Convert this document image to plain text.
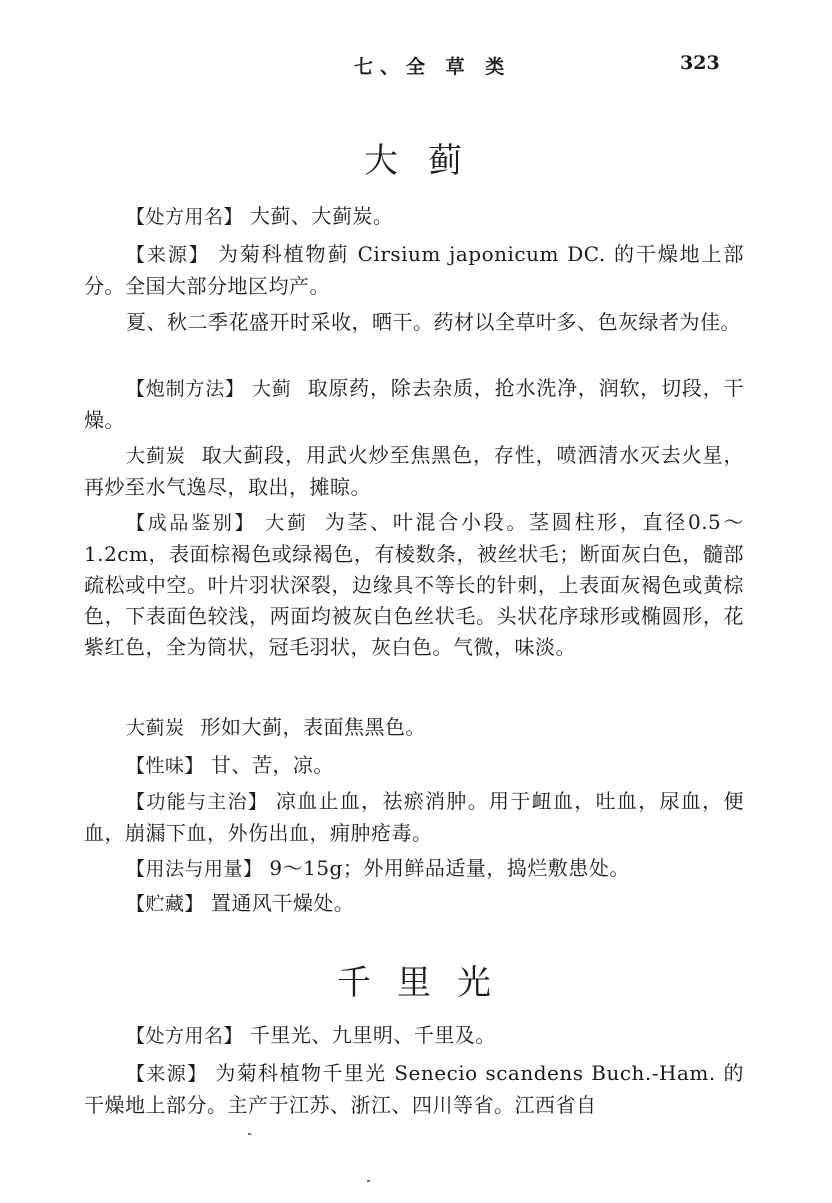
七、全 草 类	323
大蓟
【处方用名】 大蓟、大蓟炭。
【来源】 为菊科植物蓟 Cirsium japonicum DC. 的干燥地上部分。全国大部分地区均产。
夏、秋二季花盛开时采收，晒干。药材以全草叶多、色灰绿者为佳。
【炮制方法】 大蓟 取原药，除去杂质，抢水洗净，润软，切段，干燥。
大蓟炭 取大蓟段，用武火炒至焦黑色，存性，喷洒清水灭去火星，再炒至水气逸尽，取出，摊晾。
【成品鉴别】 大蓟 为茎、叶混合小段。茎圆柱形，直径0.5～1.2cm，表面棕褐色或绿褐色，有棱数条，被丝状毛；断面灰白色，髓部疏松或中空。叶片羽状深裂，边缘具不等长的针刺，上表面灰褐色或黄棕色，下表面色较浅，两面均被灰白色丝状毛。头状花序球形或椭圆形，花紫红色，全为筒状，冠毛羽状，灰白色。气微，味淡。
大蓟炭 形如大蓟，表面焦黑色。
【性味】 甘、苦，凉。
【功能与主治】 凉血止血，祛瘀消肿。用于衄血，吐血，尿血，便血，崩漏下血，外伤出血，痈肿疮毒。
【用法与用量】 9～15g；外用鲜品适量，捣烂敷患处。
【贮藏】 置通风干燥处。
千里光
【处方用名】 千里光、九里明、千里及。
【来源】 为菊科植物千里光 Senecio scandens Buch.-Ham. 的干燥地上部分。主产于江苏、浙江、四川等省。江西省自
